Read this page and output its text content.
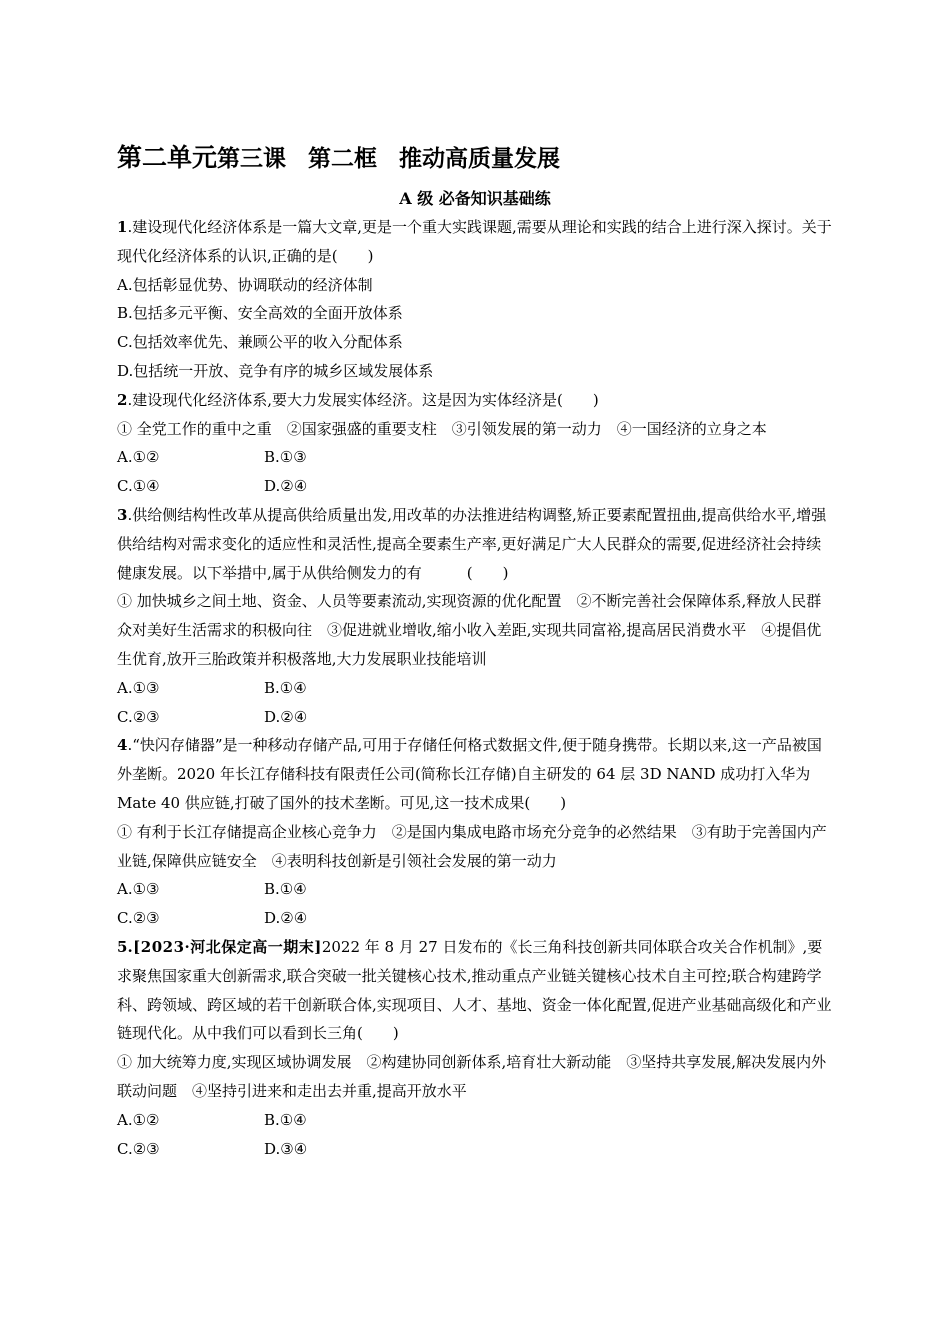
第二单元第三课 第二框 推动高质量发展
A 级 必备知识基础练

1.建设现代化经济体系是一篇大文章,更是一个重大实践课题,需要从理论和实践的结合上进行深入探讨。关于现代化经济体系的认识,正确的是(　　)

A.包括彰显优势、协调联动的经济体制

B.包括多元平衡、安全高效的全面开放体系

C.包括效率优先、兼顾公平的收入分配体系

D.包括统一开放、竞争有序的城乡区域发展体系

2.建设现代化经济体系,要大力发展实体经济。这是因为实体经济是(　　)

① 全党工作的重中之重　②国家强盛的重要支柱　③引领发展的第一动力　④一国经济的立身之本

A.①②	B.①③
C.①④	D.②④

3.供给侧结构性改革从提高供给质量出发,用改革的办法推进结构调整,矫正要素配置扭曲,提高供给水平,增强供给结构对需求变化的适应性和灵活性,提高全要素生产率,更好满足广大人民群众的需要,促进经济社会持续健康发展。以下举措中,属于从供给侧发力的有　　　(　　)

① 加快城乡之间土地、资金、人员等要素流动,实现资源的优化配置　②不断完善社会保障体系,释放人民群众对美好生活需求的积极向往　③促进就业增收,缩小收入差距,实现共同富裕,提高居民消费水平　④提倡优生优育,放开三胎政策并积极落地,大力发展职业技能培训

A.①③	B.①④
C.②③	D.②④

4.“快闪存储器”是一种移动存储产品,可用于存储任何格式数据文件,便于随身携带。长期以来,这一产品被国外垄断。2020 年长江存储科技有限责任公司(简称长江存储)自主研发的 64 层 3D NAND 成功打入华为 Mate 40 供应链,打破了国外的技术垄断。可见,这一技术成果(　　)

① 有利于长江存储提高企业核心竞争力　②是国内集成电路市场充分竞争的必然结果　③有助于完善国内产业链,保障供应链安全　④表明科技创新是引领社会发展的第一动力

A.①③	B.①④
C.②③	D.②④

5.[2023·河北保定高一期末]2022 年 8 月 27 日发布的《长三角科技创新共同体联合攻关合作机制》,要求聚焦国家重大创新需求,联合突破一批关键核心技术,推动重点产业链关键核心技术自主可控;联合构建跨学科、跨领域、跨区域的若干创新联合体,实现项目、人才、基地、资金一体化配置,促进产业基础高级化和产业链现代化。从中我们可以看到长三角(　　)

① 加大统筹力度,实现区域协调发展　②构建协同创新体系,培育壮大新动能　③坚持共享发展,解决发展内外联动问题　④坚持引进来和走出去并重,提高开放水平

A.①②	B.①④
C.②③	D.③④
